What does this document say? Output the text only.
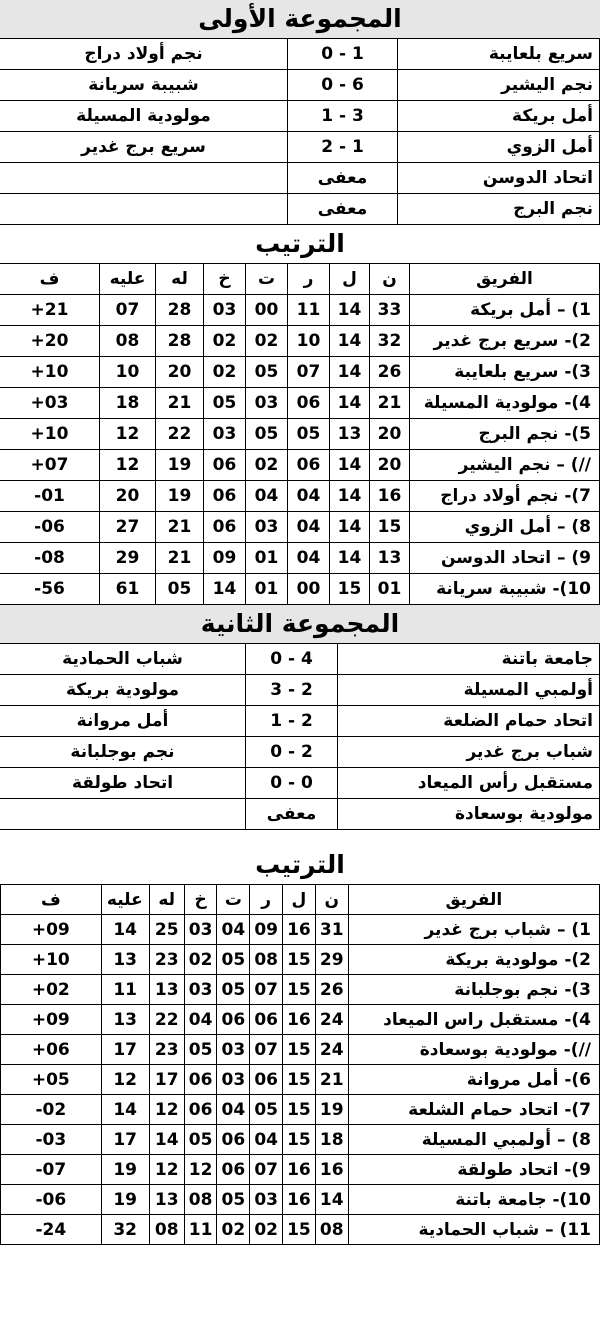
المجموعة الأولى
سريع بلعايبة	1 - 0	نجم أولاد دراج
نجم اليشير	6 - 0	شبيبة سريانة
أمل بريكة	3 - 1	مولودية المسيلة
أمل الزوي	1 - 2	سريع برج غدير
اتحاد الدوسن	معفى	
نجم البرج	معفى	
الترتيب
الفريق	ن	ل	ر	ت	خ	له	عليه	ف
1) – أمل بريكة	33	14	11	00	03	28	07	+21
2)- سريع برج غدير	32	14	10	02	02	28	08	+20
3)- سريع بلعايبة	26	14	07	05	02	20	10	+10
4)- مولودية المسيلة	21	14	06	03	05	21	18	+03
5)- نجم البرج	20	13	05	05	03	22	12	+10
//) – نجم اليشير	20	14	06	02	06	19	12	+07
7)- نجم أولاد دراج	16	14	04	04	06	19	20	-01
8) – أمل الزوي	15	14	04	03	06	21	27	-06
9) – اتحاد الدوسن	13	14	04	01	09	21	29	-08
10)- شبيبة سريانة	01	15	00	01	14	05	61	-56
المجموعة الثانية
جامعة باتنة	4 - 0	شباب الحمادية
أولمبي المسيلة	2 - 3	مولودية بريكة
اتحاد حمام الضلعة	2 - 1	أمل مروانة
شباب برج غدير	2 - 0	نجم بوجلبانة
مستقبل رأس الميعاد	0 - 0	اتحاد طولقة
مولودية بوسعادة	معفى	
الترتيب
الفريق	ن	ل	ر	ت	خ	له	عليه	ف
1) – شباب برج غدير	31	16	09	04	03	25	14	+09
2)- مولودية بريكة	29	15	08	05	02	23	13	+10
3)- نجم بوجلبانة	26	15	07	05	03	13	11	+02
4)- مستقبل راس الميعاد	24	16	06	06	04	22	13	+09
//)- مولودية بوسعادة	24	15	07	03	05	23	17	+06
6)- أمل مروانة	21	15	06	03	06	17	12	+05
7)- اتحاد حمام الشلعة	19	15	05	04	06	12	14	-02
8) – أولمبي المسيلة	18	15	04	06	05	14	17	-03
9)- اتحاد طولقة	16	16	07	06	12	12	19	-07
10)- جامعة باتنة	14	16	03	05	08	13	19	-06
11) – شباب الحمادية	08	15	02	02	11	08	32	-24
